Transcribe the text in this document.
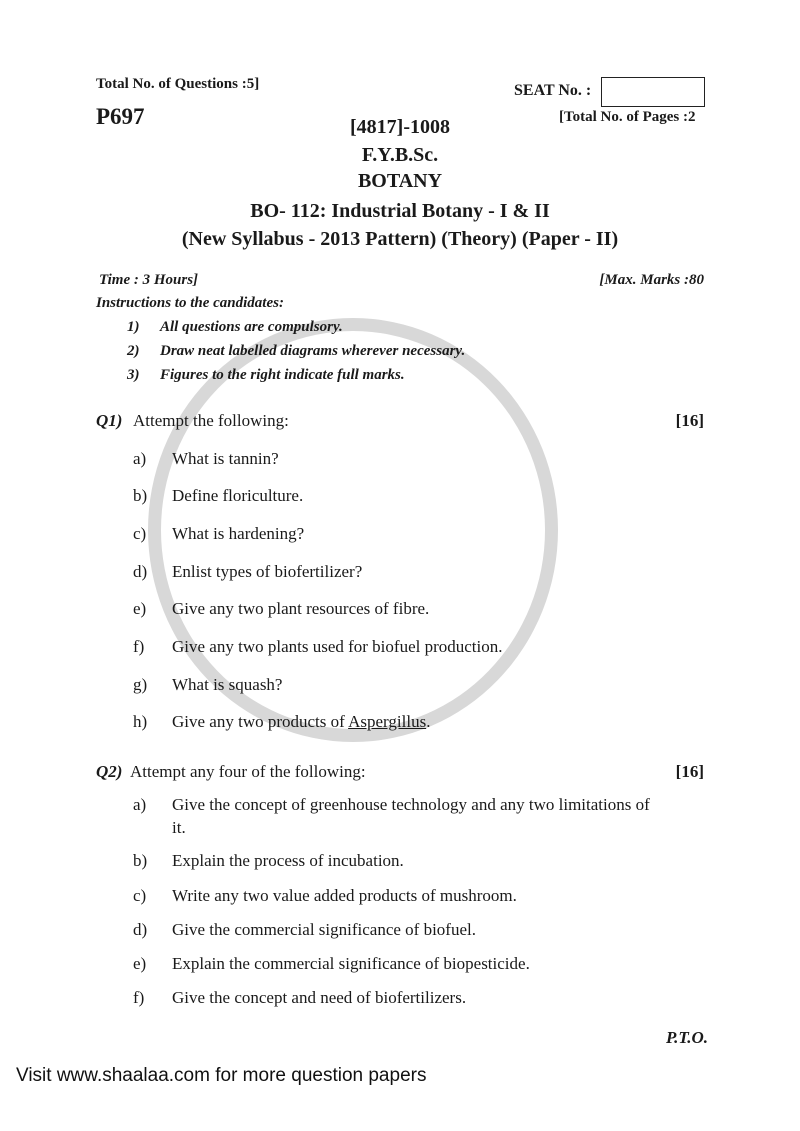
Total No. of Questions :5]
P697
SEAT No. :
[Total No. of Pages :2
[4817]-1008
F.Y.B.Sc.
BOTANY
BO- 112: Industrial Botany - I & II
(New Syllabus - 2013 Pattern) (Theory) (Paper - II)
Time : 3 Hours]	[Max. Marks :80
Instructions to the candidates:
1) All questions are compulsory.
2) Draw neat labelled diagrams wherever necessary.
3) Figures to the right indicate full marks.
Q1) Attempt the following:	[16]
a) What is tannin?
b) Define floriculture.
c) What is hardening?
d) Enlist types of biofertilizer?
e) Give any two plant resources of fibre.
f) Give any two plants used for biofuel production.
g) What is squash?
h) Give any two products of Aspergillus.
Q2) Attempt any four of the following:	[16]
a) Give the concept of greenhouse technology and any two limitations of
it.
b) Explain the process of incubation.
c) Write any two value added products of mushroom.
d) Give the commercial significance of biofuel.
e) Explain the commercial significance of biopesticide.
f) Give the concept and need of biofertilizers.
P.T.O.
Visit www.shaalaa.com for more question papers
